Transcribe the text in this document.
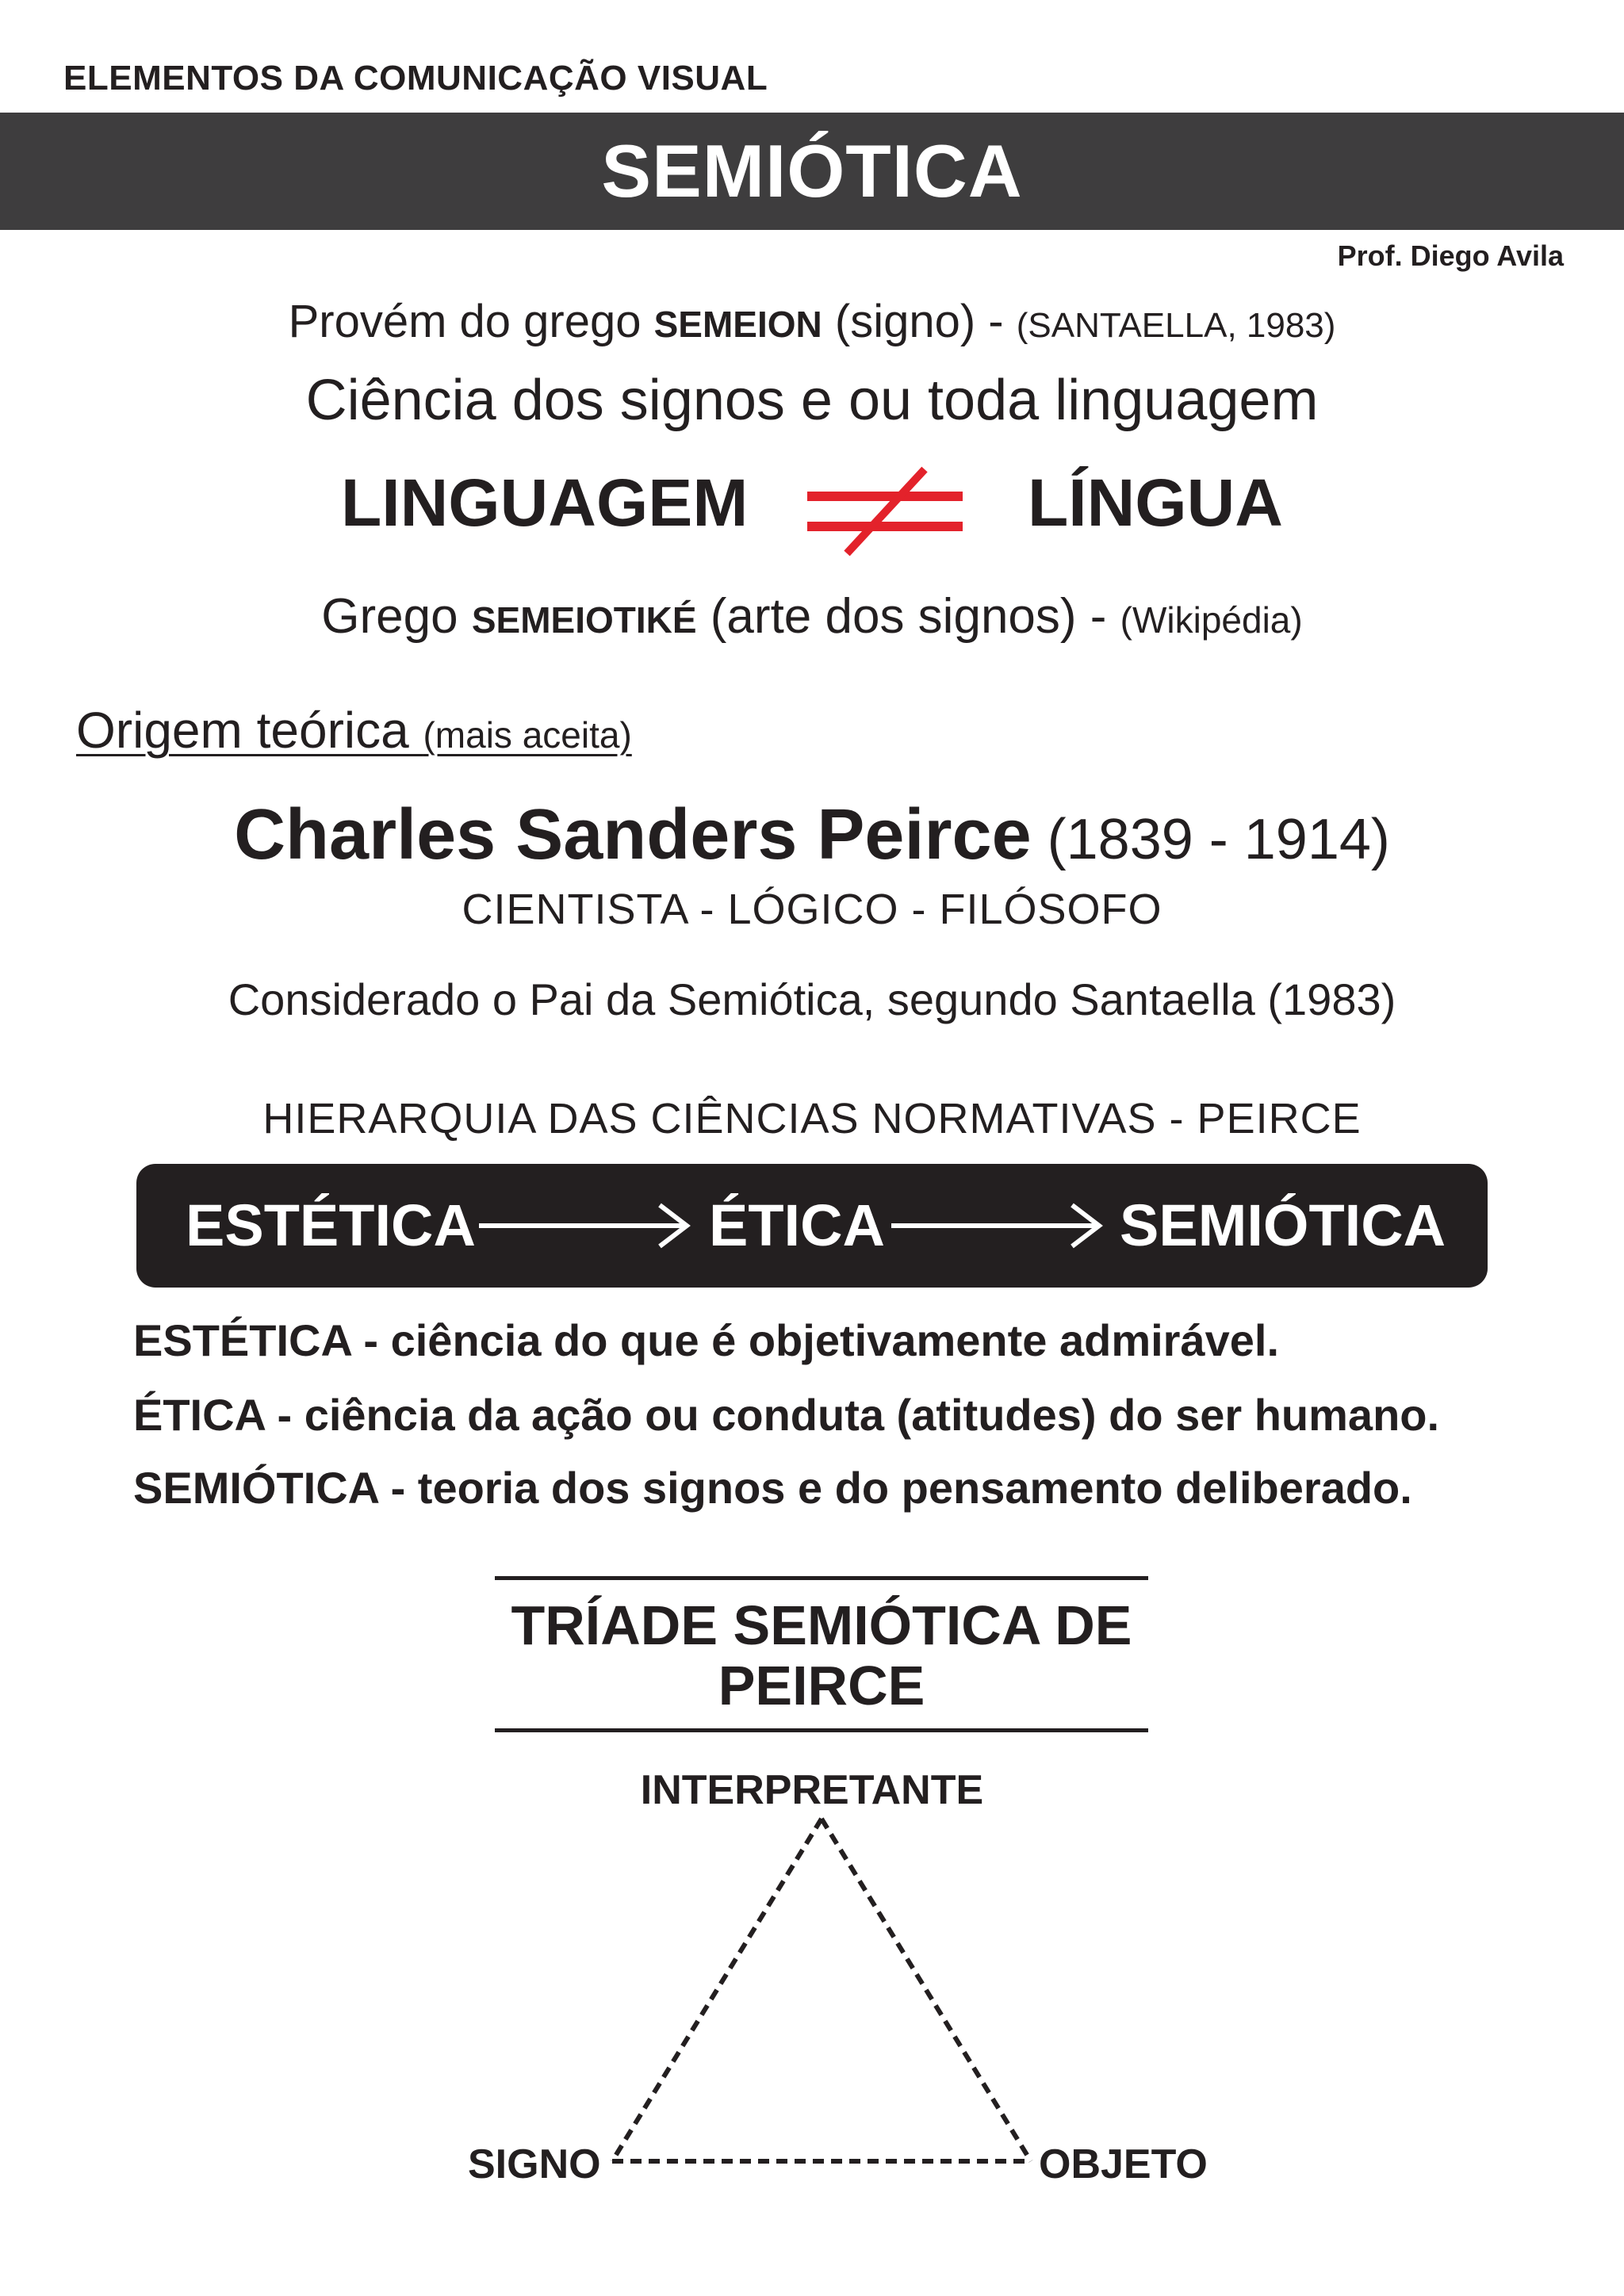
ELEMENTOS DA COMUNICAÇÃO VISUAL
SEMIÓTICA
Prof. Diego Avila
Provém do grego SEMEION (signo) - (SANTAELLA, 1983)
Ciência dos signos e ou toda linguagem
LINGUAGEM	LÍNGUA
Grego SEMEIOTIKÉ (arte dos signos) - (Wikipédia)
Origem teórica (mais aceita)
Charles Sanders Peirce (1839 - 1914)
CIENTISTA - LÓGICO - FILÓSOFO
Considerado o Pai da Semiótica, segundo Santaella (1983)
HIERARQUIA DAS CIÊNCIAS NORMATIVAS - PEIRCE
ESTÉTICA	ÉTICA	SEMIÓTICA
ESTÉTICA - ciência do que é objetivamente admirável.
ÉTICA - ciência da ação ou conduta (atitudes) do ser humano.
SEMIÓTICA - teoria dos signos e do pensamento deliberado.
TRÍADE SEMIÓTICA DE
PEIRCE
INTERPRETANTE
SIGNO	OBJETO
